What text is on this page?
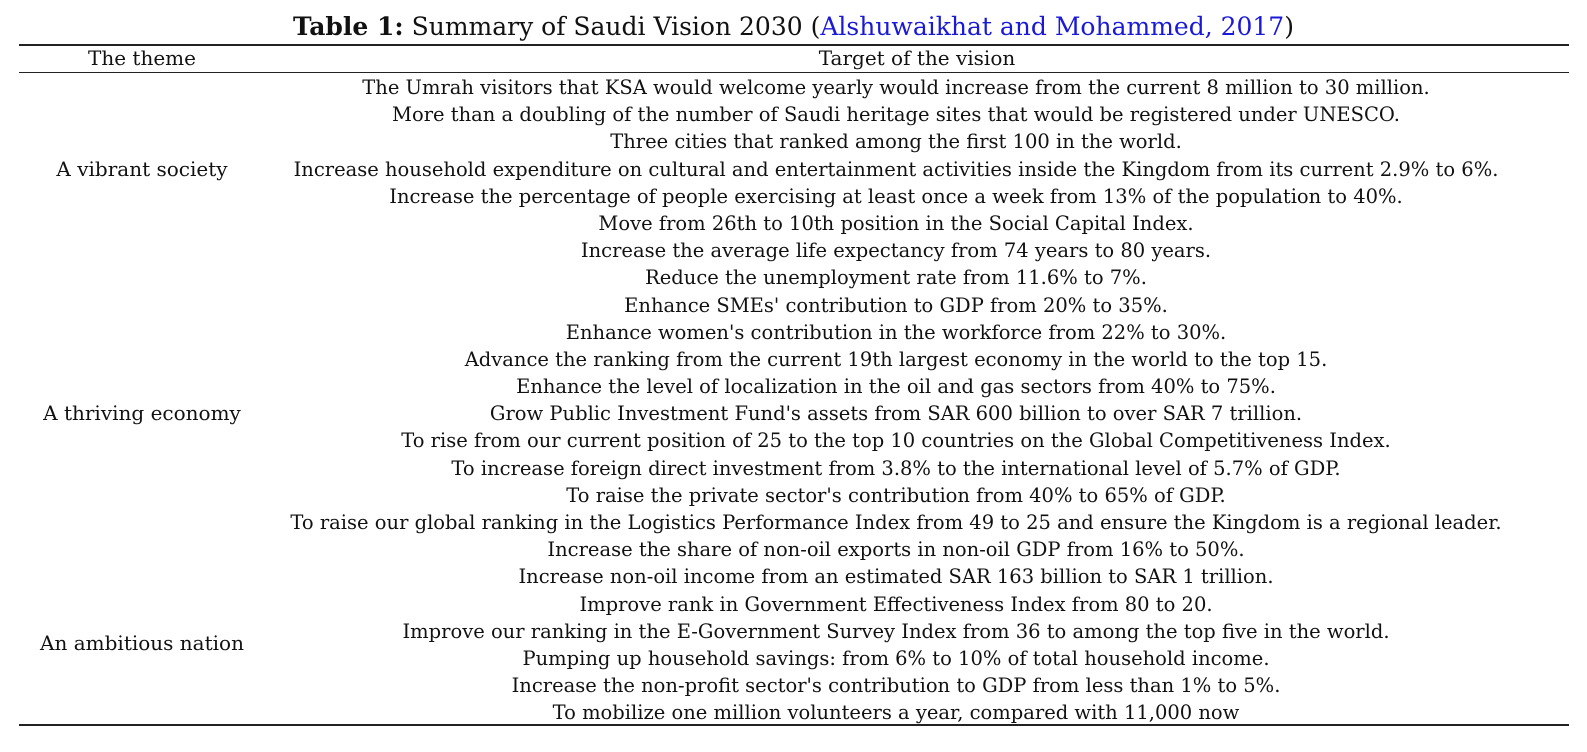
Table 1: Summary of Saudi Vision 2030 (Alshuwaikhat and Mohammed, 2017)
The theme	Target of the vision
A vibrant society
A thriving economy
An ambitious nation
The Umrah visitors that KSA would welcome yearly would increase from the current 8 million to 30 million.
More than a doubling of the number of Saudi heritage sites that would be registered under UNESCO.
Three cities that ranked among the first 100 in the world.
Increase household expenditure on cultural and entertainment activities inside the Kingdom from its current 2.9% to 6%.
Increase the percentage of people exercising at least once a week from 13% of the population to 40%.
Move from 26th to 10th position in the Social Capital Index.
Increase the average life expectancy from 74 years to 80 years.
Reduce the unemployment rate from 11.6% to 7%.
Enhance SMEs' contribution to GDP from 20% to 35%.
Enhance women's contribution in the workforce from 22% to 30%.
Advance the ranking from the current 19th largest economy in the world to the top 15.
Enhance the level of localization in the oil and gas sectors from 40% to 75%.
Grow Public Investment Fund's assets from SAR 600 billion to over SAR 7 trillion.
To rise from our current position of 25 to the top 10 countries on the Global Competitiveness Index.
To increase foreign direct investment from 3.8% to the international level of 5.7% of GDP.
To raise the private sector's contribution from 40% to 65% of GDP.
To raise our global ranking in the Logistics Performance Index from 49 to 25 and ensure the Kingdom is a regional leader.
Increase the share of non-oil exports in non-oil GDP from 16% to 50%.
Increase non-oil income from an estimated SAR 163 billion to SAR 1 trillion.
Improve rank in Government Effectiveness Index from 80 to 20.
Improve our ranking in the E-Government Survey Index from 36 to among the top five in the world.
Pumping up household savings: from 6% to 10% of total household income.
Increase the non-profit sector's contribution to GDP from less than 1% to 5%.
To mobilize one million volunteers a year, compared with 11,000 now
